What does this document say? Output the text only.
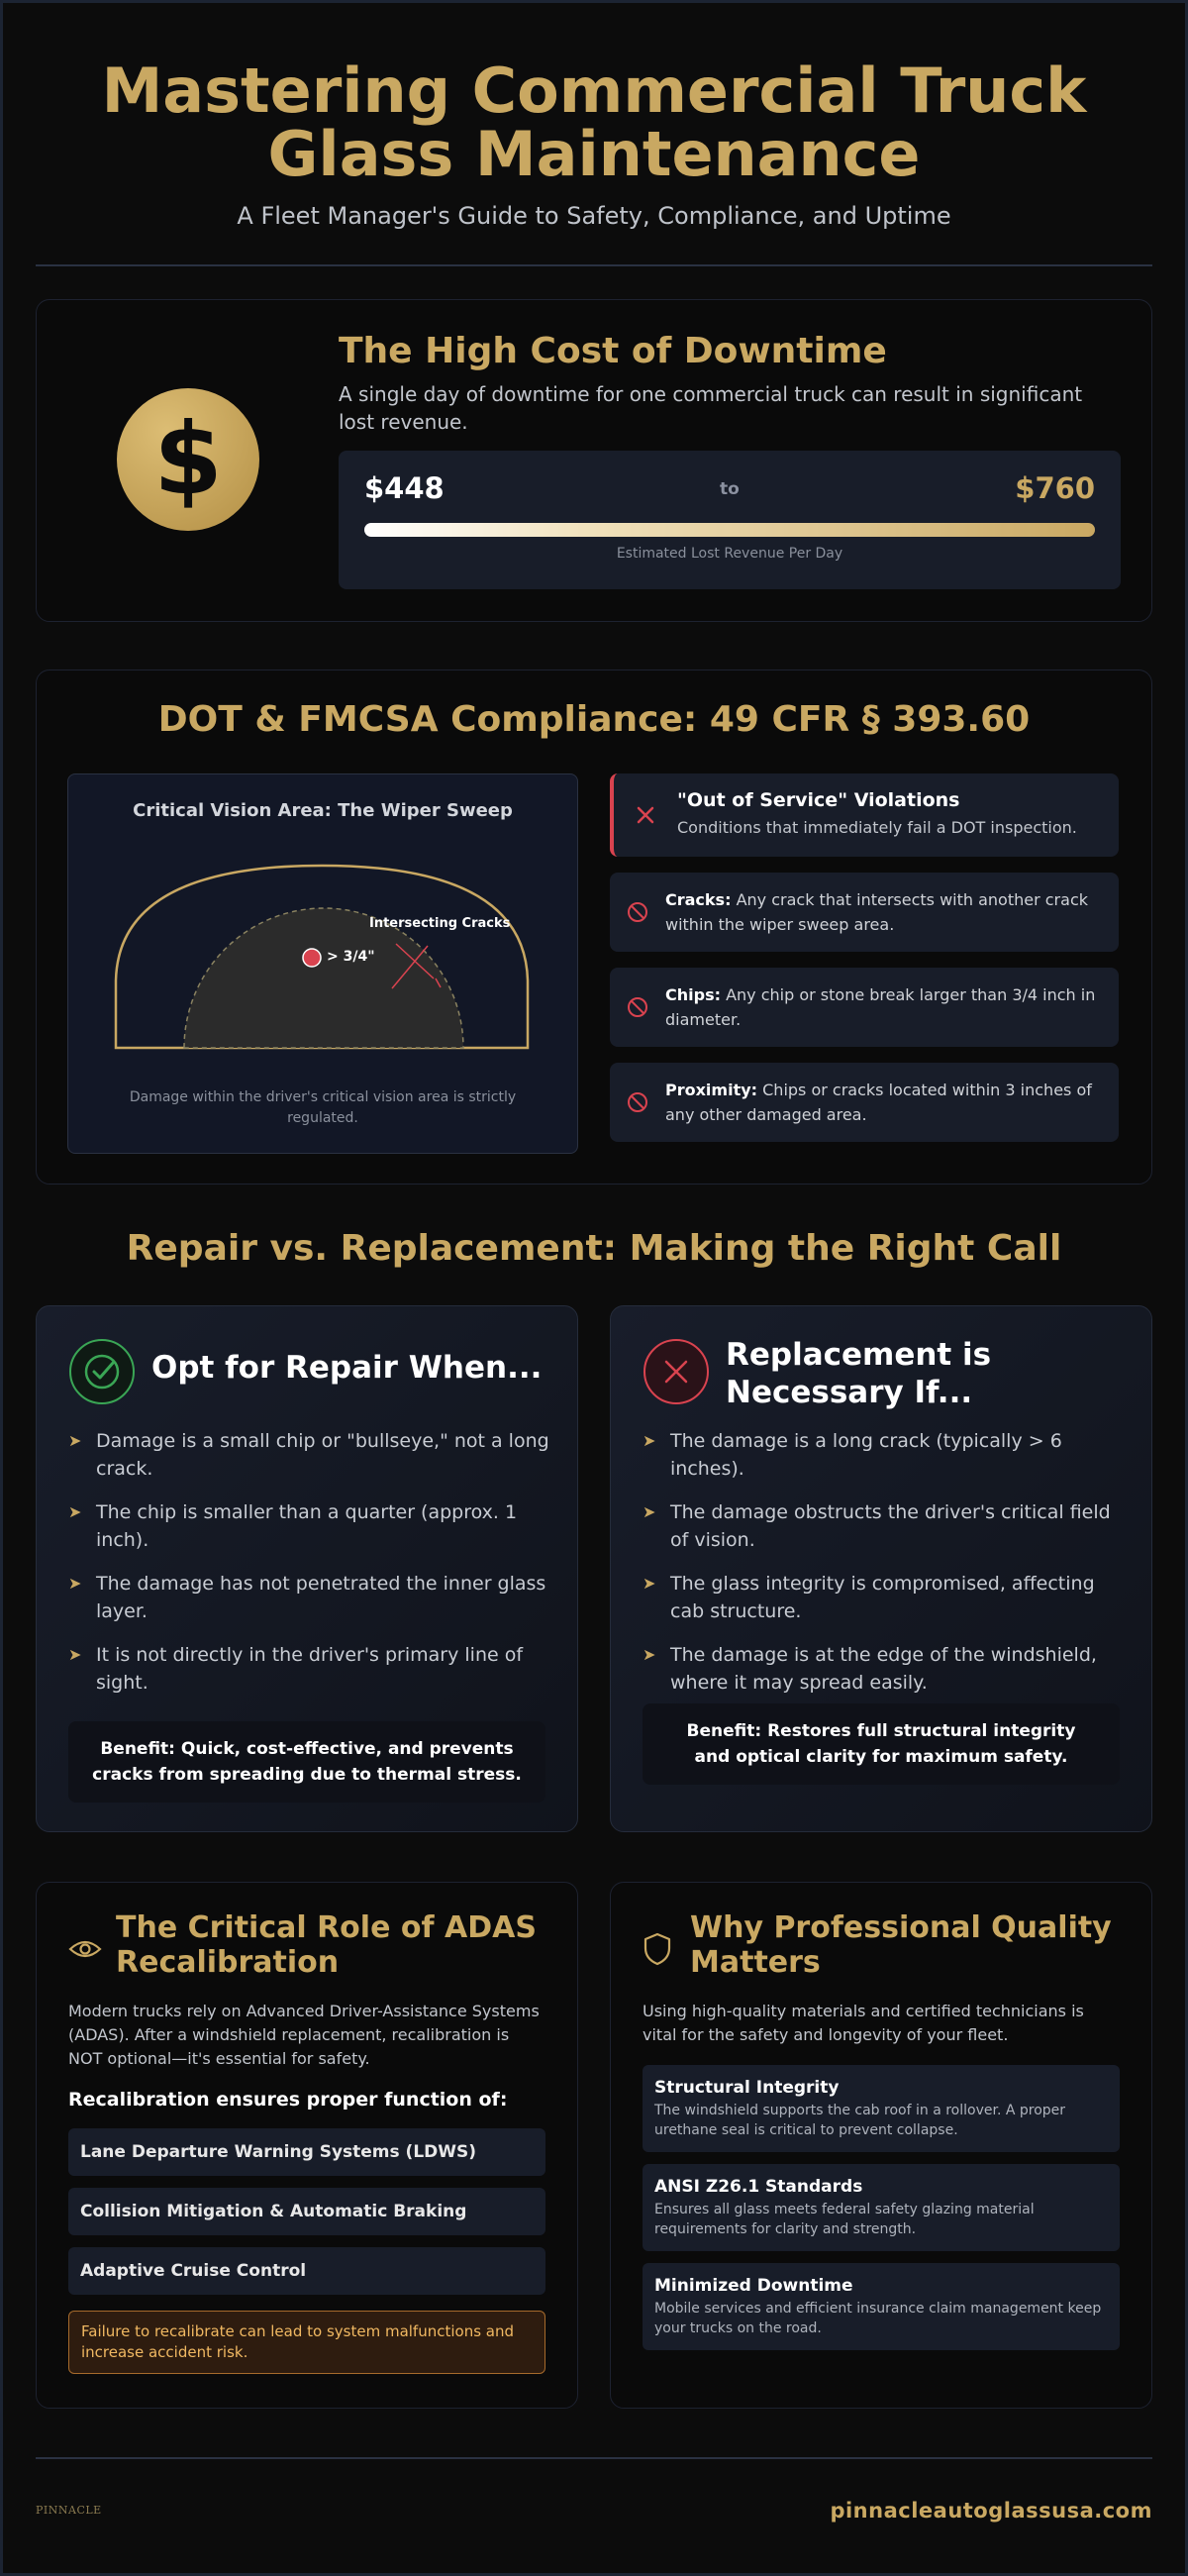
Mastering Commercial Truck
Glass Maintenance
A Fleet Manager's Guide to Safety, Compliance, and Uptime
$
The High Cost of Downtime
A single day of downtime for one commercial truck can result in significant lost revenue.
$448	to	$760
Estimated Lost Revenue Per Day
DOT & FMCSA Compliance: 49 CFR § 393.60
Critical Vision Area: The Wiper Sweep
> 3/4"
Intersecting Cracks
Damage within the driver's critical vision area is strictly regulated.
"Out of Service" Violations
Conditions that immediately fail a DOT inspection.
Cracks: Any crack that intersects with another crack within the wiper sweep area.
Chips: Any chip or stone break larger than 3/4 inch in diameter.
Proximity: Chips or cracks located within 3 inches of any other damaged area.
Repair vs. Replacement: Making the Right Call
Opt for Repair When...
➤ Damage is a small chip or "bullseye," not a long crack.
➤ The chip is smaller than a quarter (approx. 1 inch).
➤ The damage has not penetrated the inner glass layer.
➤ It is not directly in the driver's primary line of sight.
Benefit: Quick, cost-effective, and prevents cracks from spreading due to thermal stress.
Replacement is
Necessary If...
➤ The damage is a long crack (typically > 6 inches).
➤ The damage obstructs the driver's critical field of vision.
➤ The glass integrity is compromised, affecting cab structure.
➤ The damage is at the edge of the windshield, where it may spread easily.
Benefit: Restores full structural integrity and optical clarity for maximum safety.
The Critical Role of ADAS
Recalibration
Modern trucks rely on Advanced Driver-Assistance Systems (ADAS). After a windshield replacement, recalibration is NOT optional—it's essential for safety.
Recalibration ensures proper function of:
Lane Departure Warning Systems (LDWS)
Collision Mitigation & Automatic Braking
Adaptive Cruise Control
Failure to recalibrate can lead to system malfunctions and increase accident risk.
Why Professional Quality
Matters
Using high-quality materials and certified technicians is vital for the safety and longevity of your fleet.
Structural Integrity
The windshield supports the cab roof in a rollover. A proper urethane seal is critical to prevent collapse.
ANSI Z26.1 Standards
Ensures all glass meets federal safety glazing material requirements for clarity and strength.
Minimized Downtime
Mobile services and efficient insurance claim management keep your trucks on the road.
PINNACLE	pinnacleautoglassusa.com
